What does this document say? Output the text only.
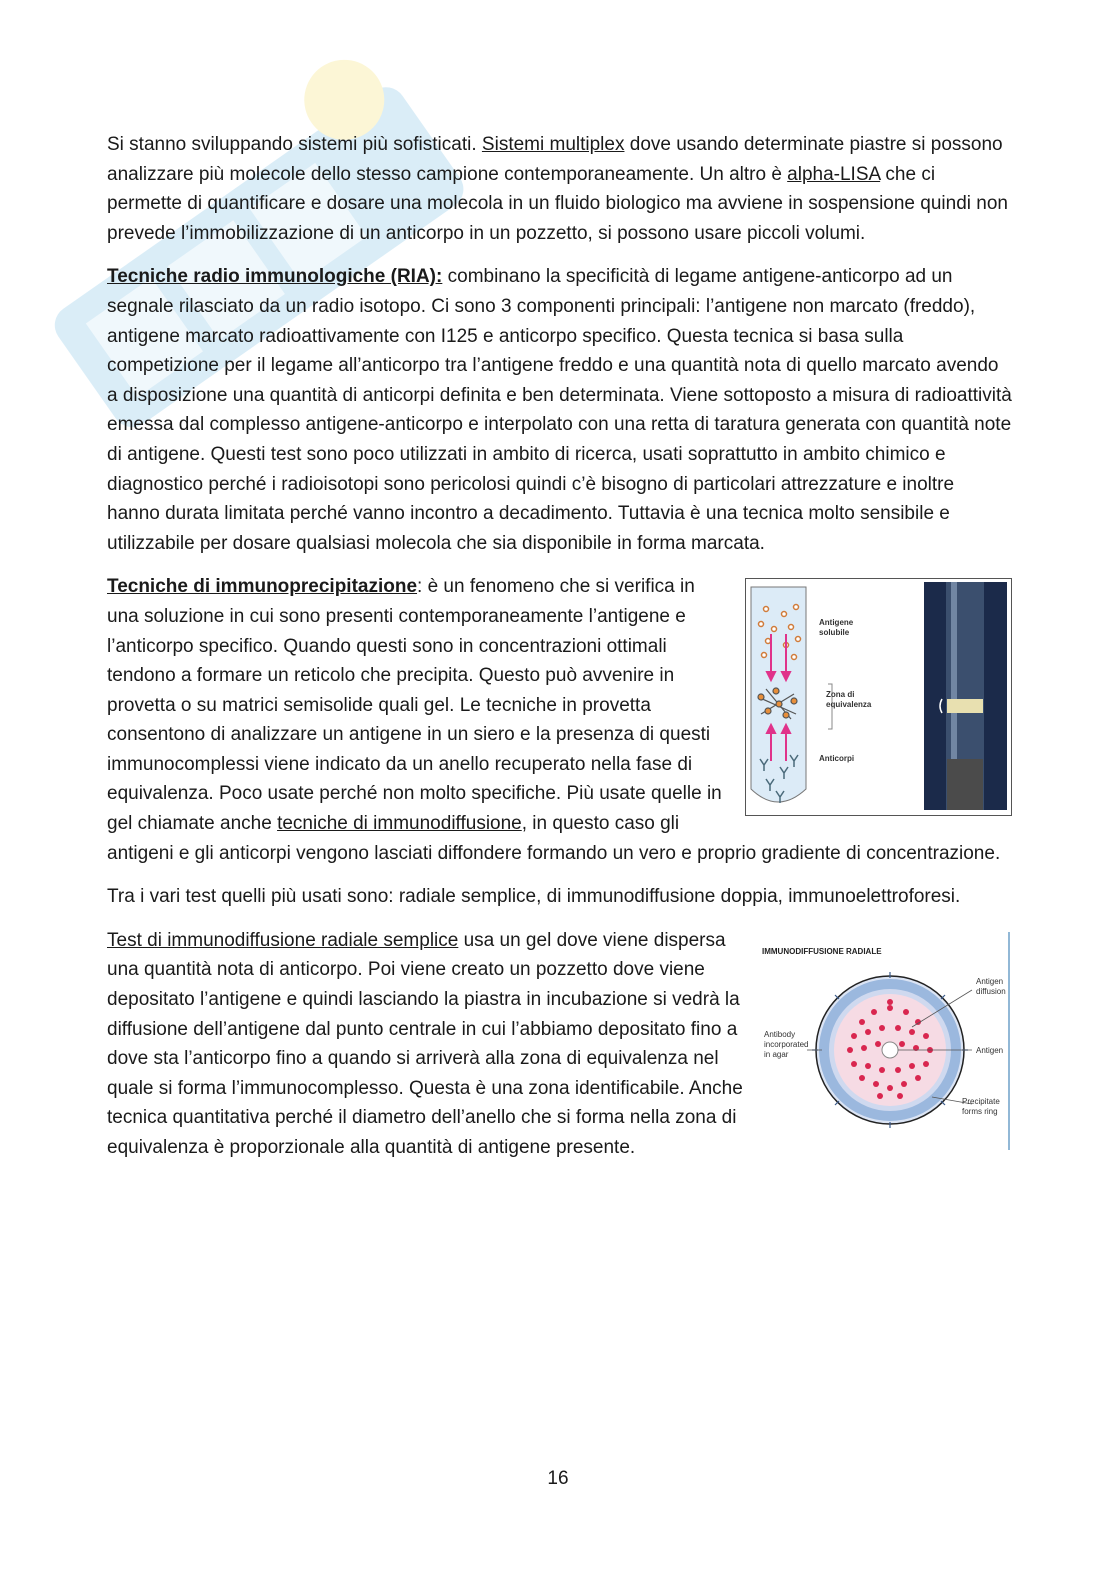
Si stanno sviluppando sistemi più sofisticati. Sistemi multiplex dove usando determinate piastre si possono analizzare più molecole dello stesso campione contemporaneamente. Un altro è alpha-LISA che ci permette di quantificare e dosare una molecola in un fluido biologico ma avviene in sospensione quindi non prevede l’immobilizzazione di un anticorpo in un pozzetto, si possono usare piccoli volumi.

Tecniche radio immunologiche (RIA): combinano la specificità di legame antigene-anticorpo ad un segnale rilasciato da un radio isotopo. Ci sono 3 componenti principali: l’antigene non marcato (freddo), antigene marcato radioattivamente con I125 e anticorpo specifico. Questa tecnica si basa sulla competizione per il legame all’anticorpo tra l’antigene freddo e una quantità nota di quello marcato avendo a disposizione una quantità di anticorpi definita e ben determinata. Viene sottoposto a misura di radioattività emessa dal complesso antigene-anticorpo e interpolato con una retta di taratura generata con quantità note di antigene. Questi test sono poco utilizzati in ambito di ricerca, usati soprattutto in ambito chimico e diagnostico perché i radioisotopi sono pericolosi quindi c’è bisogno di particolari attrezzature e inoltre hanno durata limitata perché vanno incontro a decadimento. Tuttavia è una tecnica molto sensibile e utilizzabile per dosare qualsiasi molecola che sia disponibile in forma marcata.

Antigene
solubile
Zona di
equivalenza
Anticorpi
Tecniche di immunoprecipitazione: è un fenomeno che si verifica in una soluzione in cui sono presenti contemporaneamente l’antigene e l’anticorpo specifico. Quando questi sono in concentrazioni ottimali tendono a formare un reticolo che precipita. Questo può avvenire in provetta o su matrici semisolide quali gel. Le tecniche in provetta consentono di analizzare un antigene in un siero e la presenza di questi immunocomplessi viene indicato da un anello recuperato nella fase di equivalenza. Poco usate perché non molto specifiche. Più usate quelle in gel chiamate anche tecniche di immunodiffusione, in questo caso gli antigeni e gli anticorpi vengono lasciati diffondere formando un vero e proprio gradiente di concentrazione.

Tra i vari test quelli più usati sono: radiale semplice, di immunodiffusione doppia, immunoelettroforesi.

IMMUNODIFFUSIONE RADIALE
Antigen
diffusion
Antibody
incorporated
in agar	Antigen
Precipitate
forms ring
Test di immunodiffusione radiale semplice usa un gel dove viene dispersa una quantità nota di anticorpo. Poi viene creato un pozzetto dove viene depositato l’antigene e quindi lasciando la piastra in incubazione si vedrà la diffusione dell’antigene dal punto centrale in cui l’abbiamo depositato fino a dove sta l’anticorpo fino a quando si arriverà alla zona di equivalenza nel quale si forma l’immunocomplesso. Questa è una zona identificabile. Anche tecnica quantitativa perché il diametro dell’anello che si forma nella zona di equivalenza è proporzionale alla quantità di antigene presente.
16
